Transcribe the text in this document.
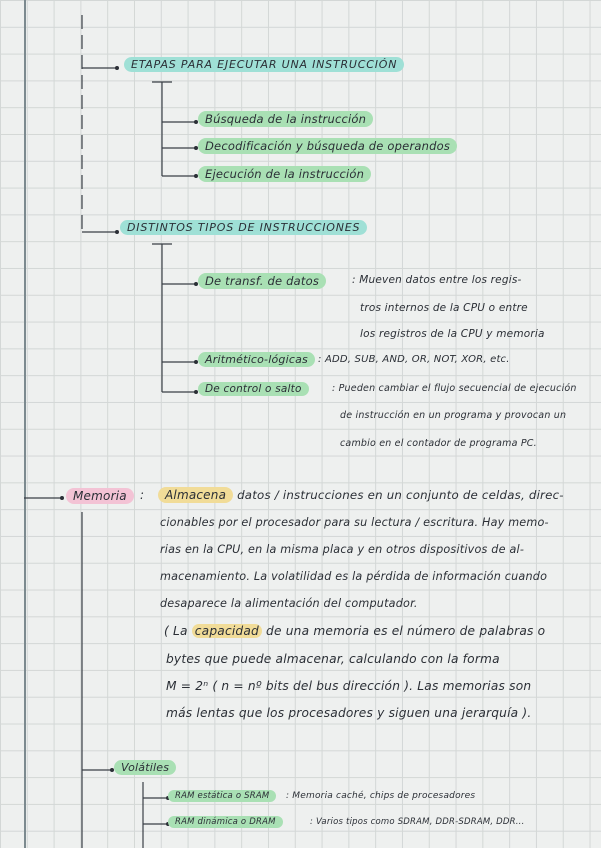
ETAPAS PARA EJECUTAR UNA INSTRUCCIÓN
Búsqueda de la instrucción
Decodificación y búsqueda de operandos
Ejecución de la instrucción
DISTINTOS TIPOS DE INSTRUCCIONES
De transf. de datos	: Mueven datos entre los regis-
tros internos de la CPU o entre
los registros de la CPU y memoria
Aritmético-lógicas	: ADD, SUB, AND, OR, NOT, XOR, etc.
De control o salto	: Pueden cambiar el flujo secuencial de ejecución
de instrucción en un programa y provocan un
cambio en el contador de programa PC.
Memoria	:	Almacena datos / instrucciones en un conjunto de celdas, direc-
cionables por el procesador para su lectura / escritura. Hay memo-
rias en la CPU, en la misma placa y en otros dispositivos de al-
macenamiento. La volatilidad es la pérdida de información cuando
desaparece la alimentación del computador.
( La capacidad de una memoria es el número de palabras o
bytes que puede almacenar, calculando con la forma
M = 2ⁿ ( n = nº bits del bus dirección ). Las memorias son
más lentas que los procesadores y siguen una jerarquía ).
Volátiles
RAM estática o SRAM	: Memoria caché, chips de procesadores
RAM dinámica o DRAM	: Varios tipos como SDRAM, DDR-SDRAM, DDR...
